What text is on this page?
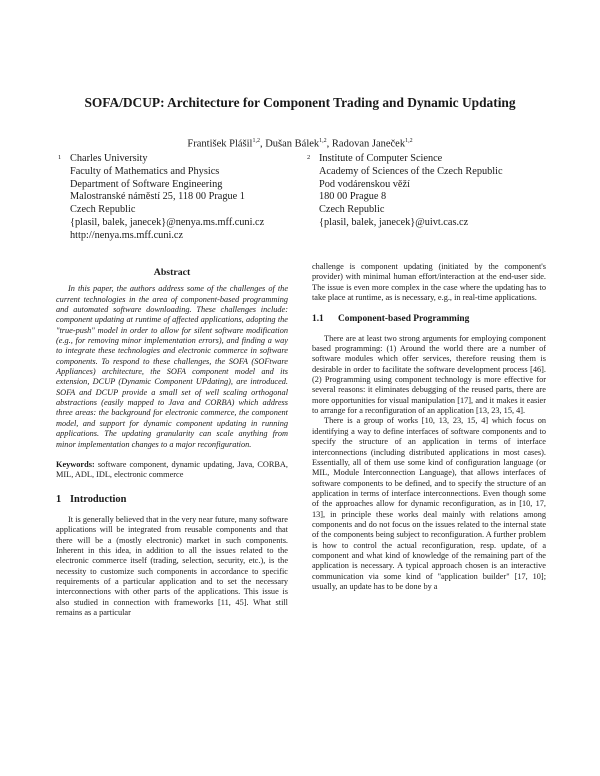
SOFA/DCUP: Architecture for Component Trading and Dynamic Updating
František Plášil$^{1,2}$, Dušan Bálek$^{1,2}$, Radovan Janeček$^{1,2}$
1 Charles University
Faculty of Mathematics and Physics
Department of Software Engineering
Malostranské náměstí 25, 118 00 Prague 1
Czech Republic
{plasil, balek, janecek}@nenya.ms.mff.cuni.cz
http://nenya.ms.mff.cuni.cz
2 Institute of Computer Science
Academy of Sciences of the Czech Republic
Pod vodárenskou věží
180 00 Prague 8
Czech Republic
{plasil, balek, janecek}@uivt.cas.cz
Abstract

In this paper, the authors address some of the challenges of the current technologies in the area of component-based programming and automated software downloading. These challenges include: component updating at runtime of affected applications, adopting the "true-push" model in order to allow for silent software modification (e.g., for removing minor implementation errors), and finding a way to integrate these technologies and electronic commerce in software components. To respond to these challenges, the SOFA (SOFtware Appliances) architecture, the SOFA component model and its extension, DCUP (Dynamic Component UPdating), are introduced. SOFA and DCUP provide a small set of well scaling orthogonal abstractions (easily mapped to Java and CORBA) which address three areas: the background for electronic commerce, the component model, and support for dynamic component updating in running applications. The updating granularity can scale anything from minor implementation changes to a major reconfiguration.

Keywords: software component, dynamic updating, Java, CORBA, MIL, ADL, IDL, electronic commerce

1 Introduction

It is generally believed that in the very near future, many software applications will be integrated from reusable components and that there will be a (mostly electronic) market in such components. Inherent in this idea, in addition to all the issues related to the electronic commerce itself (trading, selection, security, etc.), is the necessity to customize such components in accordance to specific requirements of a particular application and to set the necessary interconnections with other parts of the applications. This issue is also studied in connection with frameworks [11, 45]. What still remains as a particular

challenge is component updating (initiated by the component's provider) with minimal human effort/interaction at the end-user side. The issue is even more complex in the case where the updating has to take place at runtime, as is necessary, e.g., in real-time applications.

1.1 Component-based Programming

There are at least two strong arguments for employing component based programming: (1) Around the world there are a number of software modules which offer services, therefore reusing them is desirable in order to facilitate the software development process [46]. (2) Programming using component technology is more effective for several reasons: it eliminates debugging of the reused parts, there are more opportunities for visual manipulation [17], and it makes it easier to arrange for a reconfiguration of an application [13, 23, 15, 4].

There is a group of works [10, 13, 23, 15, 4] which focus on identifying a way to define interfaces of software components and to specify the structure of an application in terms of interface interconnections (including distributed applications in most cases). Essentially, all of them use some kind of configuration language (or MIL, Module Interconnection Language), that allows interfaces of software components to be defined, and to specify the structure of an application in terms of interface interconnections. Even though some of the approaches allow for dynamic reconfiguration, as in [10, 17, 13], in principle these works deal mainly with relations among components and do not focus on the issues related to the internal state of the components being subject to reconfiguration. A further problem is how to control the actual reconfiguration, resp. update, of a component and what kind of knowledge of the remaining part of the application is necessary. A typical approach chosen is an interactive communication via some kind of "application builder" [17, 10]; usually, an update has to be done by a
